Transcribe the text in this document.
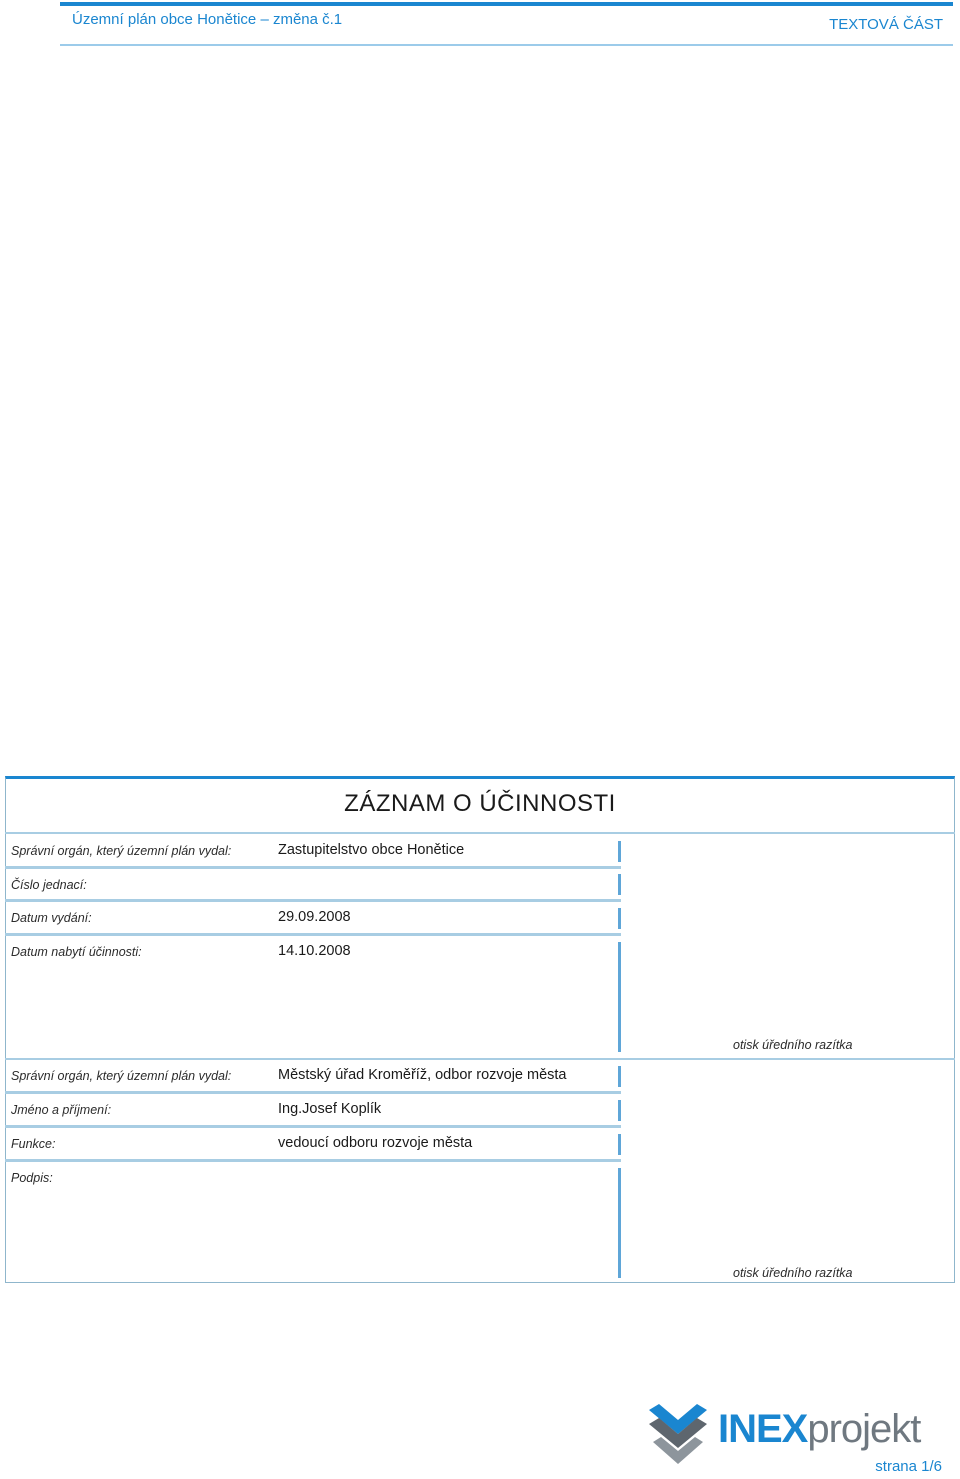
Územní plán obce Honětice – změna č.1	TEXTOVÁ ČÁST
ZÁZNAM O ÚČINNOSTI
Správní orgán, který územní plán vydal:	Zastupitelstvo obce Honětice
Číslo jednací:
Datum vydání:	29.09.2008
Datum nabytí účinnosti:	14.10.2008
otisk úředního razítka
Správní orgán, který územní plán vydal:	Městský úřad Kroměříž, odbor rozvoje města
Jméno a příjmení:	Ing.Josef Koplík
Funkce:	vedoucí odboru rozvoje města
Podpis:
otisk úředního razítka
INEXprojekt
strana 1/6
